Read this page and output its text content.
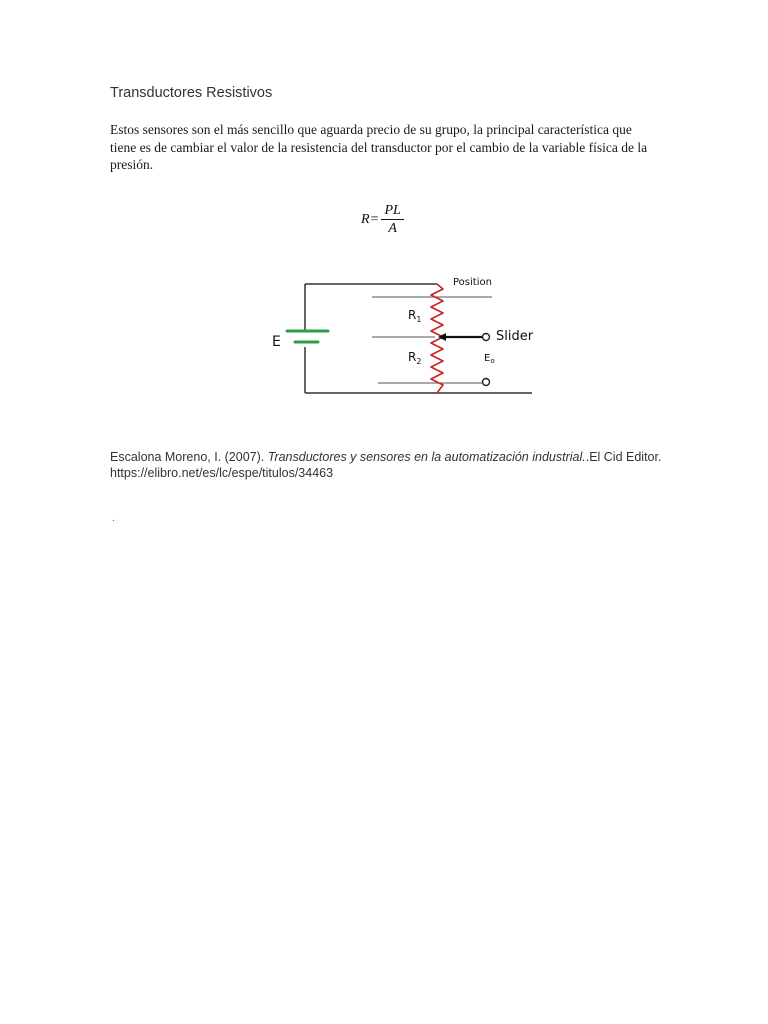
Transductores Resistivos
Estos sensores son el más sencillo que aguarda precio de su grupo, la principal característica que tiene es de cambiar el valor de la resistencia del transductor por el cambio de la variable física de la presión.
$R = \frac{PL}{A}$
E
Position
$R_1$
$R_2$
Slider
$E_o$
Escalona Moreno, I. (2007). Transductores y sensores en la automatización industrial..El Cid Editor. https://elibro.net/es/lc/espe/titulos/34463
.
